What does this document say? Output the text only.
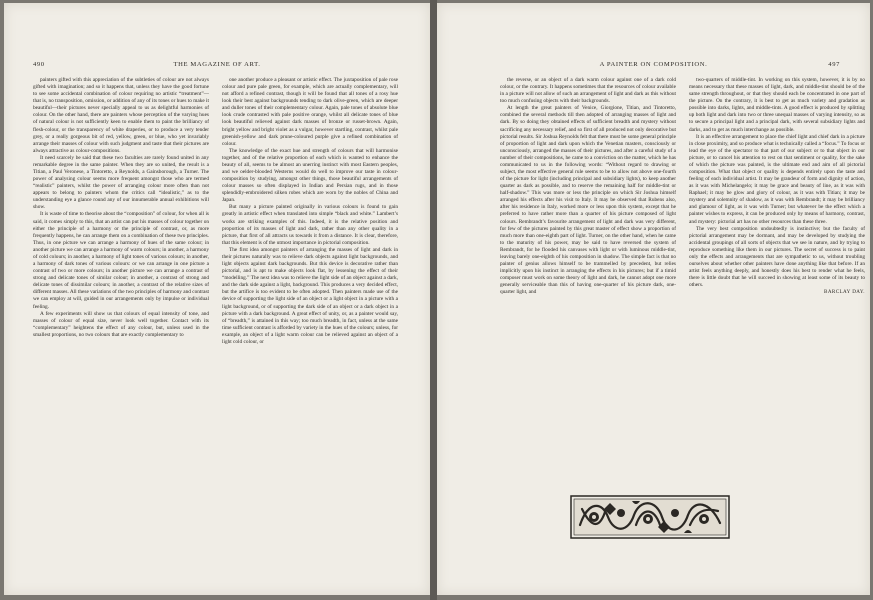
490	THE MAGAZINE OF ART.

painters gifted with this appreciation of the subtleties of colour are not always gifted with imagination; and so it happens that, unless they have the good fortune to see some accidental combination of colour requiring no artistic “treatment”—that is, no transposition, omission, or addition of any of its tones or hues to make it beautiful—their pictures never specially appeal to us as delightful harmonies of colour. On the other hand, there are painters whose perception of the varying hues of natural colour is not sufficiently keen to enable them to paint the brilliancy of flesh-colour, or the transparency of white draperies, or to produce a very tender grey, or a really gorgeous bit of red, yellow, green, or blue, who yet invariably arrange their masses of colour with such judgment and taste that their pictures are always attractive as colour-compositions.

It need scarcely be said that these two faculties are rarely found united in any remarkable degree in the same painter. When they are so united, the result is a Titian, a Paul Veronese, a Tintoretto, a Reynolds, a Gainsborough, a Turner. The power of analysing colour seems more frequent amongst those who are termed “realistic” painters, whilst the power of arranging colour more often than not appears to belong to painters whom the critics call “idealistic,” as to the understanding eye a glance round any of our innumerable annual exhibitions will show.

It is waste of time to theorise about the “composition” of colour, for when all is said, it comes simply to this, that an artist can put his masses of colour together on either the principle of a harmony or the principle of contrast, or, as more frequently happens, he can arrange them on a combination of these two principles. Thus, in one picture we can arrange a harmony of hues of the same colour; in another picture we can arrange a harmony of warm colours; in another, a harmony of cold colours; in another, a harmony of light tones of various colours; in another, a harmony of dark tones of various colours: or we can arrange in one picture a contrast of two or more colours; in another picture we can arrange a contrast of strong and delicate tones of similar colour; in another, a contrast of strong and delicate tones of dissimilar colours; in another, a contrast of the relative sizes of different masses. All these variations of the two principles of harmony and contrast we can employ at will, guided in our arrangements only by impulse or individual feeling.

A few experiments will show us that colours of equal intensity of tone, and masses of colour of equal size, never look well together. Contact with its “complementary” heightens the effect of any colour, but, unless used in the smallest proportions, no two colours that are exactly complementary to

one another produce a pleasant or artistic effect. The juxtaposition of pale rose colour and pure pale green, for example, which are actually complementary, will not afford a refined contrast, though it will be found that all tones of a rosy hue look their best against backgrounds tending to dark olive-green, which are deeper and duller tones of their complementary colour. Again, pale tones of absolute blue look crude contrasted with pale positive orange, whilst all delicate tones of blue look beautiful relieved against dark masses of bronze or russet-brown. Again, bright yellow and bright violet as a vulgar, however startling, contrast, whilst pale greenish-yellow and dark prune-coloured purple give a refined combination of colour.

The knowledge of the exact hue and strength of colours that will harmonise together, and of the relative proportion of each which is wanted to enhance the beauty of all, seems to be almost an unerring instinct with most Eastern peoples, and we oelder-blooded Westerns would do well to improve our taste in colour-composition by studying, amongst other things, those beautiful arrangements of colour masses so often displayed in Indian and Persian rugs, and in those splendidly-embroidered silken robes which are worn by the nobles of China and Japan.

But many a picture painted originally in various colours is found to gain greatly in artistic effect when translated into simple “black and white.” Lambert’s works are striking examples of this. Indeed, it is the relative position and proportion of its masses of light and dark, rather than any other quality in a picture, that first of all attracts us towards it from a distance. It is clear, therefore, that this element is of the utmost importance in pictorial composition.

The first idea amongst painters of arranging the masses of light and dark in their pictures naturally was to relieve dark objects against light backgrounds, and light objects against dark backgrounds. But this device is decorative rather than pictorial, and is apt to make objects look flat, by lessening the effect of their “modelling.” The next idea was to relieve the light side of an object against a dark, and the dark side against a light, background. This produces a very decided effect, but the artifice is too evident to be often adopted. Then painters made use of the device of supporting the light side of an object or a light object in a picture with a light background, or of supporting the dark side of an object or a dark object in a picture with a dark background. A great effect of unity, or, as a painter would say, of “breadth,” is attained in this way; too much breadth, in fact, unless at the same time sufficient contrast is afforded by variety in the hues of the colours; unless, for example, an object of a light warm colour can be relieved against an object of a light cold colour, or

A PAINTER ON COMPOSITION.	497

the reverse, or an object of a dark warm colour against one of a dark cold colour, or the contrary. It happens sometimes that the resources of colour available in a picture will not allow of such an arrangement of light and dark as this without too much confusing objects with their backgrounds.

At length the great painters of Venice, Giorgione, Titian, and Tintoretto, combined the several methods till then adopted of arranging masses of light and dark. By so doing they obtained effects of sufficient breadth and mystery without sacrificing any necessary relief, and so first of all produced not only decorative but pictorial results. Sir Joshua Reynolds felt that there must be some general principle of proportion of light and dark upon which the Venetian masters, consciously or unconsciously, arranged the masses of their pictures, and after a careful study of a number of their compositions, he came to a conviction on the matter, which he has communicated to us in the following words: “Without regard to drawing or subject, the most effective general rule seems to be to allow not above one-fourth of the picture for light (including principal and subsidiary lights), to keep another quarter as dark as possible, and to reserve the remaining half for middle-tint or half-shadow.” This was more or less the principle on which Sir Joshua himself arranged his effects after his visit to Italy. It may be observed that Rubens also, after his residence in Italy, worked more or less upon this system, except that he preferred to have rather more than a quarter of his picture composed of light colours. Rembrandt’s favourite arrangement of light and dark was very different, for few of the pictures painted by this great master of effect show a proportion of much more than one-eighth part of light. Turner, on the other hand, when he came to the maturity of his power, may be said to have reversed the system of Rembrandt, for he flooded his canvases with light or with luminous middle-tint, leaving barely one-eighth of his composition in shadow. The simple fact is that no painter of genius allows himself to be trammelled by precedent, but relies implicitly upon his instinct in arranging the effects in his pictures; but if a timid composer must work on some theory of light and dark, he cannot adopt one more generally serviceable than this of having one-quarter of his picture dark, one-quarter light, and

two-quarters of middle-tint. In working on this system, however, it is by no means necessary that these masses of light, dark, and middle-tint should be of the same strength throughout, or that they should each be concentrated in one part of the picture. On the contrary, it is best to get as much variety and gradation as possible into darks, lights, and middle-tints. A good effect is produced by splitting up both light and dark into two or three unequal masses of varying intensity, so as to secure a principal light and a principal dark, with several subsidiary lights and darks, and to get as much interchange as possible.

It is an effective arrangement to place the chief light and chief dark in a picture in close proximity, and so produce what is technically called a “focus.” To focus or lead the eye of the spectator to that part of our subject or to that object in our picture, or to cancel his attention to rest on that sentiment or quality, for the sake of which the picture was painted, is the ultimate end and aim of all pictorial composition. What that object or quality is depends entirely upon the taste and feeling of each individual artist. It may be grandeur of form and dignity of action, as it was with Michelangelo; it may be grace and beauty of line, as it was with Raphael; it may be glow and glory of colour, as it was with Titian; it may be mystery and solemnity of shadow, as it was with Rembrandt; it may be brilliancy and glamour of light, as it was with Turner; but whatever be the effect which a painter wishes to express, it can be produced only by means of harmony, contrast, and mystery: pictorial art has no other resources than these three.

The very best composition undoubtedly is instinctive; but the faculty of pictorial arrangement may be dormant, and may be developed by studying the accidental groupings of all sorts of objects that we see in nature, and by trying to reproduce something like them in our pictures. The secret of success is to paint only the effects and arrangements that are sympathetic to us, without troubling ourselves about whether other painters have done anything like that before. If an artist feels anything deeply, and honestly does his best to render what he feels, there is little doubt that he will succeed in showing at least some of its beauty to others.

BARCLAY DAY.
